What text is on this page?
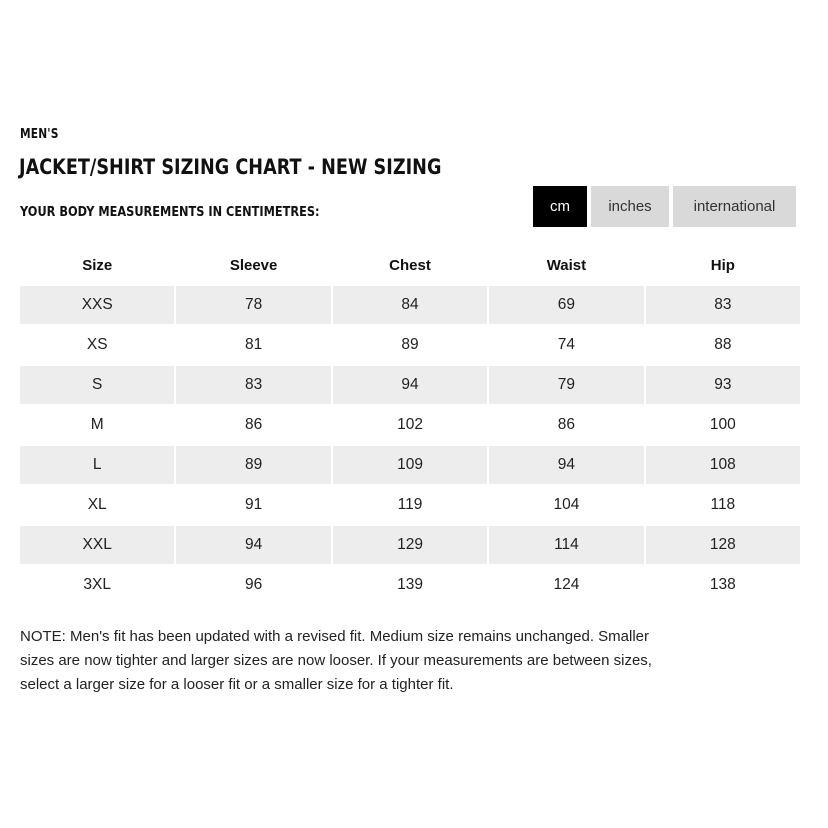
MEN'S
JACKET/SHIRT SIZING CHART - NEW SIZING
YOUR BODY MEASUREMENTS IN CENTIMETRES:	cm	inches	international
Size	Sleeve	Chest	Waist	Hip
XXS	78	84	69	83
XS	81	89	74	88
S	83	94	79	93
M	86	102	86	100
L	89	109	94	108
XL	91	119	104	118
XXL	94	129	114	128
3XL	96	139	124	138
NOTE: Men's fit has been updated with a revised fit. Medium size remains unchanged. Smaller sizes are now tighter and larger sizes are now looser. If your measurements are between sizes, select a larger size for a looser fit or a smaller size for a tighter fit.
